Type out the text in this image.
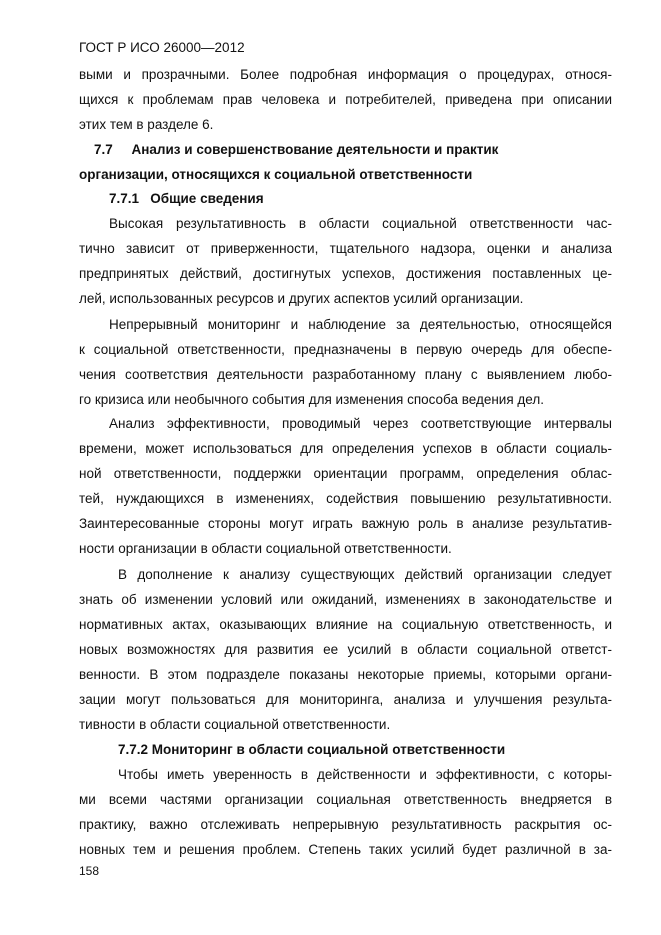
ГОСТ Р ИСО 26000—2012
выми и прозрачными. Более подробная информация о процедурах, относя-
щихся к проблемам прав человека и потребителей, приведена при описании
этих тем в разделе 6.
7.7     Анализ и совершенствование деятельности и практик
организации, относящихся к социальной ответственности
7.7.1   Общие сведения
Высокая результативность в области социальной ответственности час-
тично зависит от приверженности, тщательного надзора, оценки и анализа
предпринятых действий, достигнутых успехов, достижения поставленных це-
лей, использованных ресурсов и других аспектов усилий организации.
Непрерывный мониторинг и наблюдение за деятельностью, относящейся
к социальной ответственности, предназначены в первую очередь для обеспе-
чения соответствия деятельности разработанному плану с выявлением любо-
го кризиса или необычного события для изменения способа ведения дел.
Анализ эффективности, проводимый через соответствующие интервалы
времени, может использоваться для определения успехов в области социаль-
ной ответственности, поддержки ориентации программ, определения облас-
тей, нуждающихся в изменениях, содействия повышению результативности.
Заинтересованные стороны могут играть важную роль в анализе результатив-
ности организации в области социальной ответственности.
В дополнение к анализу существующих действий организации следует
знать об изменении условий или ожиданий, изменениях в законодательстве и
нормативных актах, оказывающих влияние на социальную ответственность, и
новых возможностях для развития ее усилий в области социальной ответст-
венности. В этом подразделе показаны некоторые приемы, которыми органи-
зации могут пользоваться для мониторинга, анализа и улучшения результа-
тивности в области социальной ответственности.
7.7.2 Мониторинг в области социальной ответственности
Чтобы иметь уверенность в действенности и эффективности, с которы-
ми всеми частями организации социальная ответственность внедряется в
практику, важно отслеживать непрерывную результативность раскрытия ос-
новных тем и решения проблем. Степень таких усилий будет различной в за-
158
